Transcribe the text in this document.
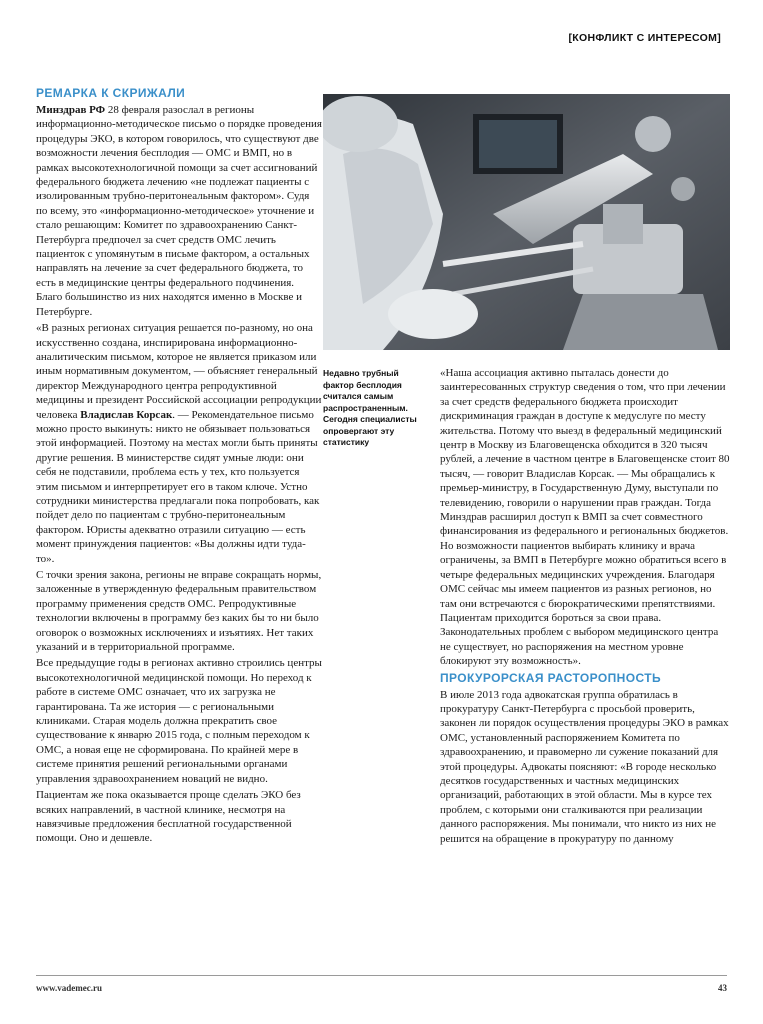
[КОНФЛИКТ С ИНТЕРЕСОМ]
РЕМАРКА К СКРИЖАЛИ

Минздрав РФ 28 февраля разослал в регионы информационно-методическое письмо о порядке проведения процедуры ЭКО, в котором говорилось, что существуют две возможности лечения бесплодия — ОМС и ВМП, но в рамках высокотехнологичной помощи за счет ассигнований федерального бюджета лечению «не подлежат пациенты с изолированным трубно-перитонеальным фактором». Судя по всему, это «информационно-методическое» уточнение и стало решающим: Комитет по здравоохранению Санкт-Петербурга предпочел за счет средств ОМС лечить пациенток с упомянутым в письме фактором, а остальных направлять на лечение за счет федерального бюджета, то есть в медицинские центры федерального подчинения. Благо большинство из них находятся именно в Москве и Петербурге.

«В разных регионах ситуация решается по-разному, но она искусственно создана, инспирирована информационно-аналитическим письмом, которое не является приказом или иным нормативным документом, — объясняет генеральный директор Международного центра репродуктивной медицины и президент Российской ассоциации репродукции человека Владислав Корсак. — Рекомендательное письмо можно просто выкинуть: никто не обязывает пользоваться этой информацией. Поэтому на местах могли быть приняты другие решения. В министерстве сидят умные люди: они себя не подставили, проблема есть у тех, кто пользуется этим письмом и интерпретирует его в таком ключе. Устно сотрудники министерства предлагали пока попробовать, как пойдет дело по пациентам с трубно-перитонеальным фактором. Юристы адекватно отразили ситуацию — есть момент принуждения пациентов: «Вы должны идти туда-то».

С точки зрения закона, регионы не вправе сокращать нормы, заложенные в утвержденную федеральным правительством программу применения средств ОМС. Репродуктивные технологии включены в программу без каких бы то ни было оговорок о возможных исключениях и изъятиях. Нет таких указаний и в территориальной программе.

Все предыдущие годы в регионах активно строились центры высокотехнологичной медицинской помощи. Но переход к работе в системе ОМС означает, что их загрузка не гарантирована. Та же история — с региональными клиниками. Старая модель должна прекратить свое существование к январю 2015 года, с полным переходом к ОМС, а новая еще не сформирована. По крайней мере в системе принятия решений региональными органами управления здравоохранением новаций не видно.

Пациентам же пока оказывается проще сделать ЭКО без всяких направлений, в частной клинике, несмотря на навязчивые предложения бесплатной государственной помощи. Оно и дешевле.

Недавно трубный фактор бесплодия считался самым распространенным. Сегодня специалисты опровергают эту статистику

«Наша ассоциация активно пыталась донести до заинтересованных структур сведения о том, что при лечении за счет средств федерального бюджета происходит дискриминация граждан в доступе к медуслуге по месту жительства. Потому что выезд в федеральный медицинский центр в Москву из Благовещенска обходится в 320 тысяч рублей, а лечение в частном центре в Благовещенске стоит 80 тысяч, — говорит Владислав Корсак. — Мы обращались к премьер-министру, в Государственную Думу, выступали по телевидению, говорили о нарушении прав граждан. Тогда Минздрав расширил доступ к ВМП за счет совместного финансирования из федерального и региональных бюджетов. Но возможности пациентов выбирать клинику и врача ограничены, за ВМП в Петербурге можно обратиться всего в четыре федеральных медицинских учреждения. Благодаря ОМС сейчас мы имеем пациентов из разных регионов, но там они встречаются с бюрократическими препятствиями. Пациентам приходится бороться за свои права. Законодательных проблем с выбором медицинского центра не существует, но распоряжения на местном уровне блокируют эту возможность».

ПРОКУРОРСКАЯ РАСТОРОПНОСТЬ

В июле 2013 года адвокатская группа обратилась в прокуратуру Санкт-Петербурга с просьбой проверить, законен ли порядок осуществления процедуры ЭКО в рамках ОМС, установленный распоряжением Комитета по здравоохранению, и правомерно ли сужение показаний для этой процедуры. Адвокаты поясняют: «В городе несколько десятков государственных и частных медицинских организаций, работающих в этой области. Мы в курсе тех проблем, с которыми они сталкиваются при реализации данного распоряжения. Мы понимали, что никто из них не решится на обращение в прокуратуру по данному

www.vademec.ru	43
